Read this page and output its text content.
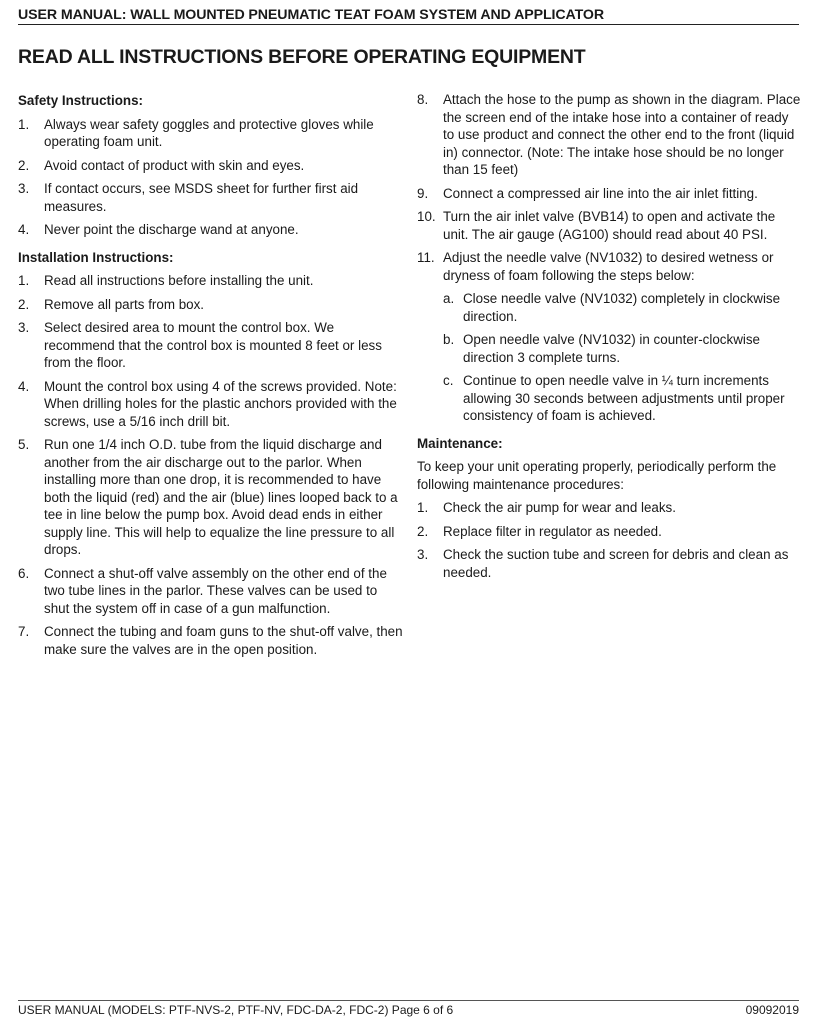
USER MANUAL: WALL MOUNTED PNEUMATIC TEAT FOAM SYSTEM AND APPLICATOR
READ ALL INSTRUCTIONS BEFORE OPERATING EQUIPMENT
Safety Instructions:
1. Always wear safety goggles and protective gloves while operating foam unit.
2. Avoid contact of product with skin and eyes.
3. If contact occurs, see MSDS sheet for further first aid measures.
4. Never point the discharge wand at anyone.
Installation Instructions:
1. Read all instructions before installing the unit.
2. Remove all parts from box.
3. Select desired area to mount the control box. We recommend that the control box is mounted 8 feet or less from the floor.
4. Mount the control box using 4 of the screws provided. Note: When drilling holes for the plastic anchors provided with the screws, use a 5/16 inch drill bit.
5. Run one 1/4 inch O.D. tube from the liquid discharge and another from the air discharge out to the parlor. When installing more than one drop, it is recommended to have both the liquid (red) and the air (blue) lines looped back to a tee in line below the pump box. Avoid dead ends in either supply line. This will help to equalize the line pressure to all drops.
6. Connect a shut-off valve assembly on the other end of the two tube lines in the parlor. These valves can be used to shut the system off in case of a gun malfunction.
7. Connect the tubing and foam guns to the shut-off valve, then make sure the valves are in the open position.
8. Attach the hose to the pump as shown in the diagram. Place the screen end of the intake hose into a container of ready to use product and connect the other end to the front (liquid in) connector. (Note: The intake hose should be no longer than 15 feet)
9. Connect a compressed air line into the air inlet fitting.
10. Turn the air inlet valve (BVB14) to open and activate the unit. The air gauge (AG100) should read about 40 PSI.
11. Adjust the needle valve (NV1032) to desired wetness or dryness of foam following the steps below:
a. Close needle valve (NV1032) completely in clockwise direction.
b. Open needle valve (NV1032) in counter-clockwise direction 3 complete turns.
c. Continue to open needle valve in ¼ turn increments allowing 30 seconds between adjustments until proper consistency of foam is achieved.
Maintenance:

To keep your unit operating properly, periodically perform the following maintenance procedures:

1. Check the air pump for wear and leaks.
2. Replace filter in regulator as needed.
3. Check the suction tube and screen for debris and clean as needed.
USER MANUAL (MODELS: PTF-NVS-2, PTF-NV, FDC-DA-2, FDC-2) Page 6 of 6	09092019
